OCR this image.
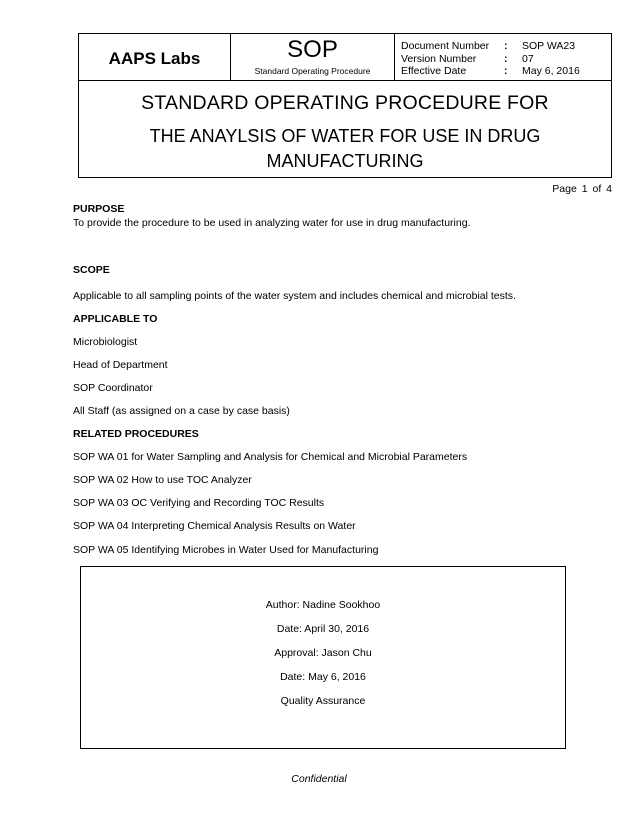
AAPS Labs	SOP
Standard Operating Procedure
Document Number	:	SOP WA23
Version Number	:	07
Effective Date	:	May 6, 2016
STANDARD OPERATING PROCEDURE FOR
THE ANAYLSIS OF WATER FOR USE IN DRUG
MANUFACTURING
Page 1 of 4
PURPOSE
To provide the procedure to be used in analyzing water for use in drug manufacturing.
SCOPE
Applicable to all sampling points of the water system and includes chemical and microbial tests.
APPLICABLE TO
Microbiologist
Head of Department
SOP Coordinator
All Staff (as assigned on a case by case basis)
RELATED PROCEDURES
SOP WA 01 for Water Sampling and Analysis for Chemical and Microbial Parameters
SOP WA 02 How to use TOC Analyzer
SOP WA 03 OC Verifying and Recording TOC Results
SOP WA 04 Interpreting Chemical Analysis Results on Water
SOP WA 05 Identifying Microbes in Water Used for Manufacturing
Author: Nadine Sookhoo
Date: April 30, 2016
Approval: Jason Chu
Date: May 6, 2016
Quality Assurance
Confidential
